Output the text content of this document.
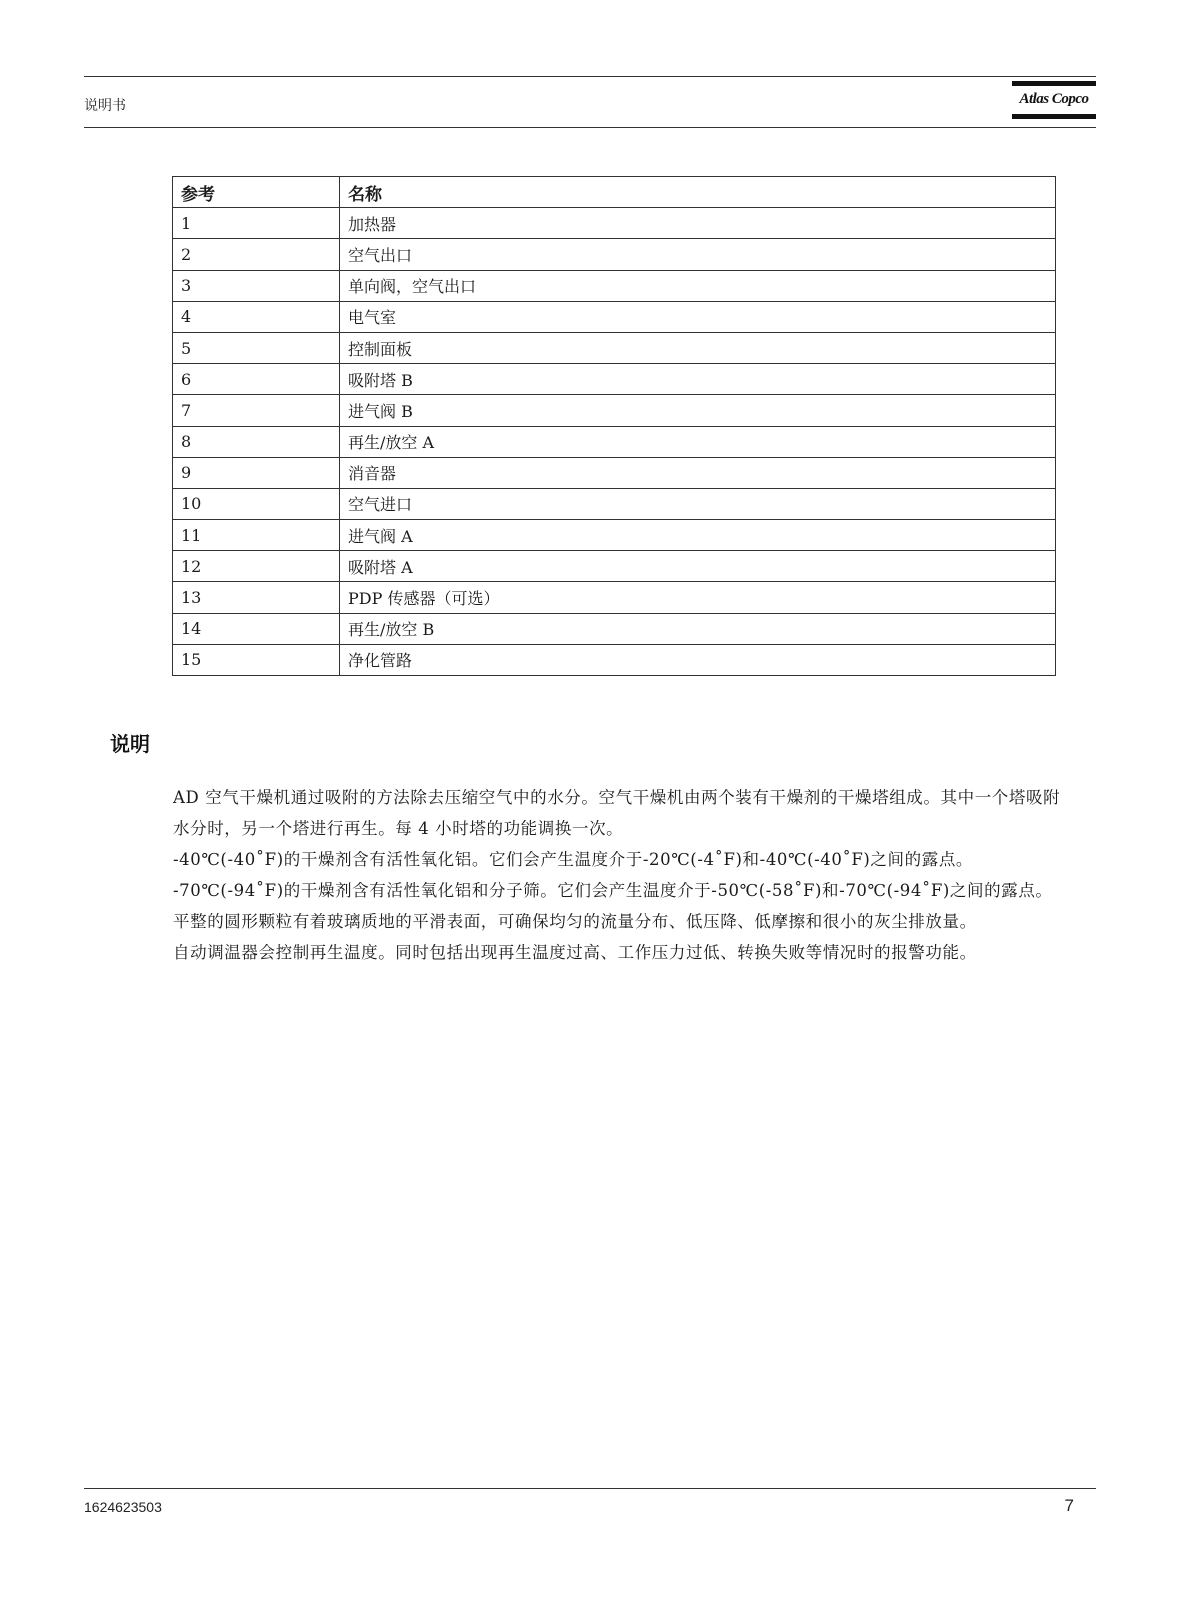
说明书	Atlas Copco
参考	名称
1	加热器
2	空气出口
3	单向阀，空气出口
4	电气室
5	控制面板
6	吸附塔 B
7	进气阀 B
8	再生/放空 A
9	消音器
10	空气进口
11	进气阀 A
12	吸附塔 A
13	PDP 传感器（可选）
14	再生/放空 B
15	净化管路
说明

AD 空气干燥机通过吸附的方法除去压缩空气中的水分。空气干燥机由两个装有干燥剂的干燥塔组成。其中一个塔吸附水分时，另一个塔进行再生。每 4 小时塔的功能调换一次。

-40℃(-40˚F)的干燥剂含有活性氧化铝。它们会产生温度介于-20℃(-4˚F)和-40℃(-40˚F)之间的露点。

-70℃(-94˚F)的干燥剂含有活性氧化铝和分子筛。它们会产生温度介于-50℃(-58˚F)和-70℃(-94˚F)之间的露点。

平整的圆形颗粒有着玻璃质地的平滑表面，可确保均匀的流量分布、低压降、低摩擦和很小的灰尘排放量。

自动调温器会控制再生温度。同时包括出现再生温度过高、工作压力过低、转换失败等情况时的报警功能。

1624623503	7
